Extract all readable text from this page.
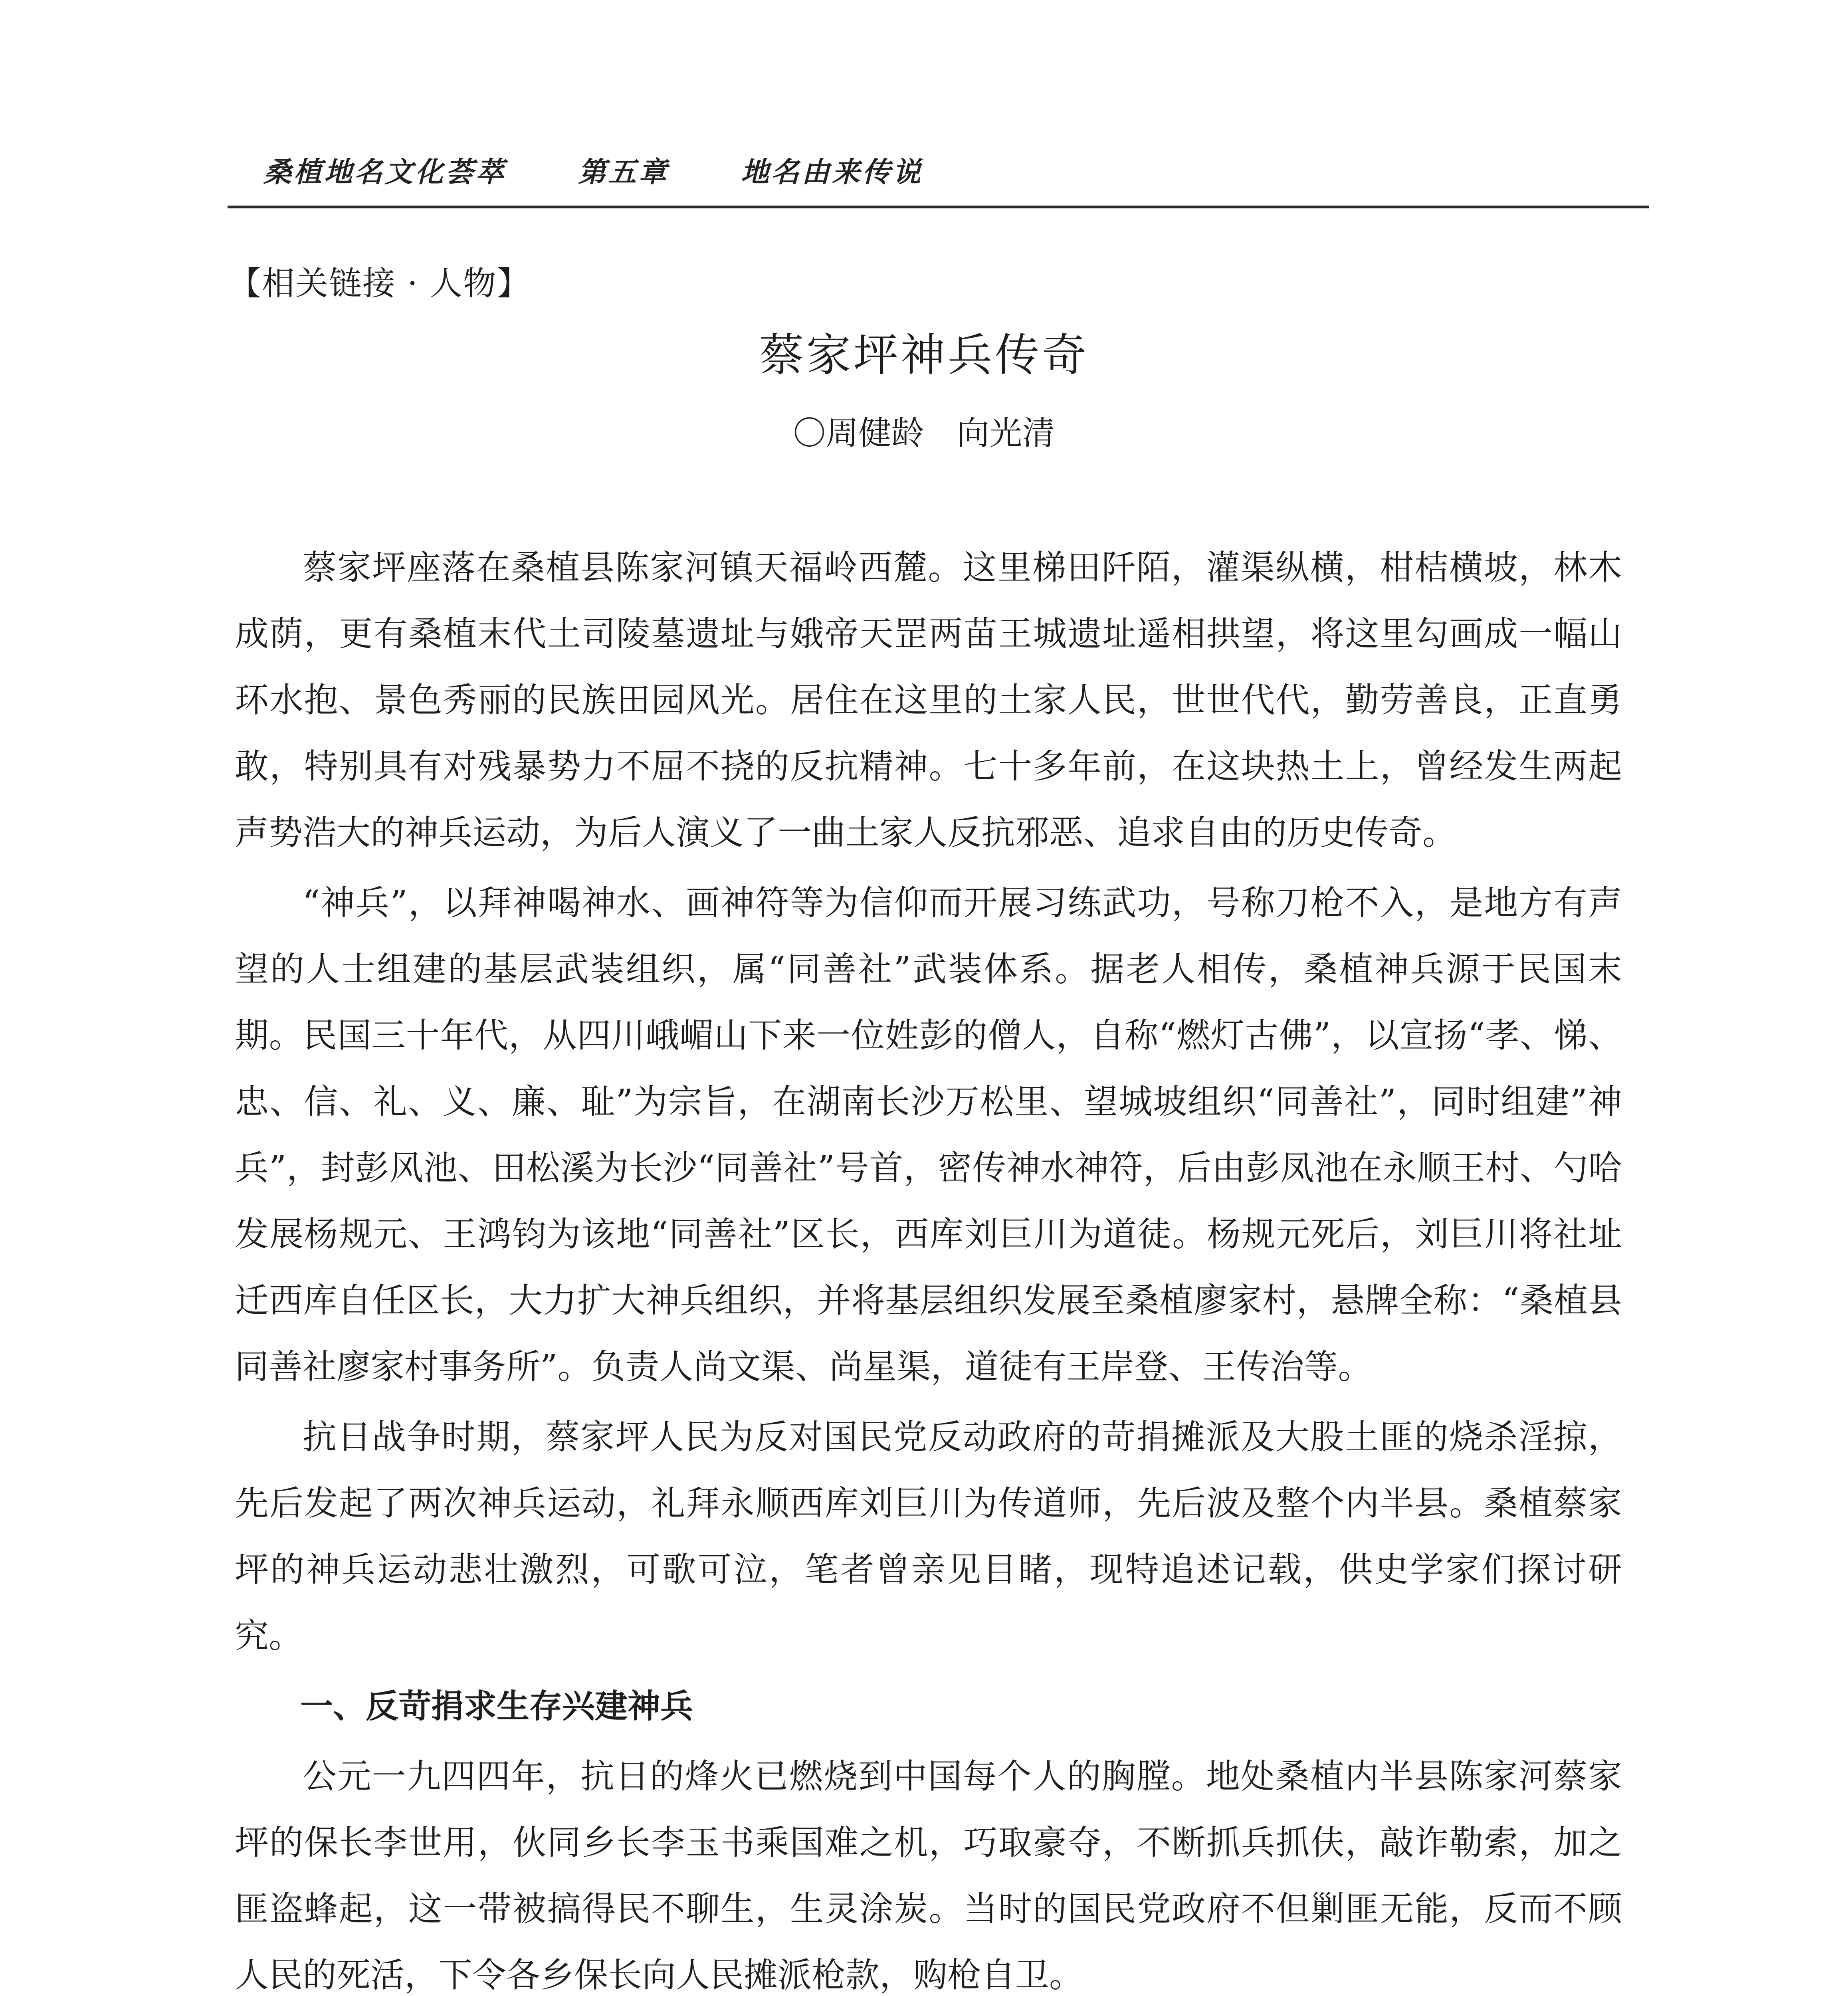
桑植地名文化荟萃	第五章	地名由来传说
【相关链接 · 人物】
蔡家坪神兵传奇
〇周健龄　向光清

蔡家坪座落在桑植县陈家河镇天福岭西麓。这里梯田阡陌，灌渠纵横，柑桔横坡，林木成荫，更有桑植末代土司陵墓遗址与娥帝天罡两苗王城遗址遥相拱望，将这里勾画成一幅山环水抱、景色秀丽的民族田园风光。居住在这里的土家人民，世世代代，勤劳善良，正直勇敢，特别具有对残暴势力不屈不挠的反抗精神。七十多年前，在这块热土上，曾经发生两起声势浩大的神兵运动，为后人演义了一曲土家人反抗邪恶、追求自由的历史传奇。

“神兵”，以拜神喝神水、画神符等为信仰而开展习练武功，号称刀枪不入，是地方有声望的人士组建的基层武装组织，属“同善社”武装体系。据老人相传，桑植神兵源于民国末期。民国三十年代，从四川峨嵋山下来一位姓彭的僧人，自称“燃灯古佛”，以宣扬“孝、悌、忠、信、礼、义、廉、耻”为宗旨，在湖南长沙万松里、望城坡组织“同善社”，同时组建”神兵”，封彭风池、田松溪为长沙“同善社”号首，密传神水神符，后由彭凤池在永顺王村、勺哈发展杨规元、王鸿钧为该地“同善社”区长，西库刘巨川为道徒。杨规元死后，刘巨川将社址迁西库自任区长，大力扩大神兵组织，并将基层组织发展至桑植廖家村，悬牌全称：“桑植县同善社廖家村事务所”。负责人尚文渠、尚星渠，道徒有王岸登、王传治等。

抗日战争时期，蔡家坪人民为反对国民党反动政府的苛捐摊派及大股土匪的烧杀淫掠，先后发起了两次神兵运动，礼拜永顺西库刘巨川为传道师，先后波及整个内半县。桑植蔡家坪的神兵运动悲壮激烈，可歌可泣，笔者曾亲见目睹，现特追述记载，供史学家们探讨研究。

一、反苛捐求生存兴建神兵

公元一九四四年，抗日的烽火已燃烧到中国每个人的胸膛。地处桑植内半县陈家河蔡家坪的保长李世用，伙同乡长李玉书乘国难之机，巧取豪夺，不断抓兵抓伕，敲诈勒索，加之匪盗蜂起，这一带被搞得民不聊生，生灵涂炭。当时的国民党政府不但剿匪无能，反而不顾人民的死活，下令各乡保长向人民摊派枪款，购枪自卫。
